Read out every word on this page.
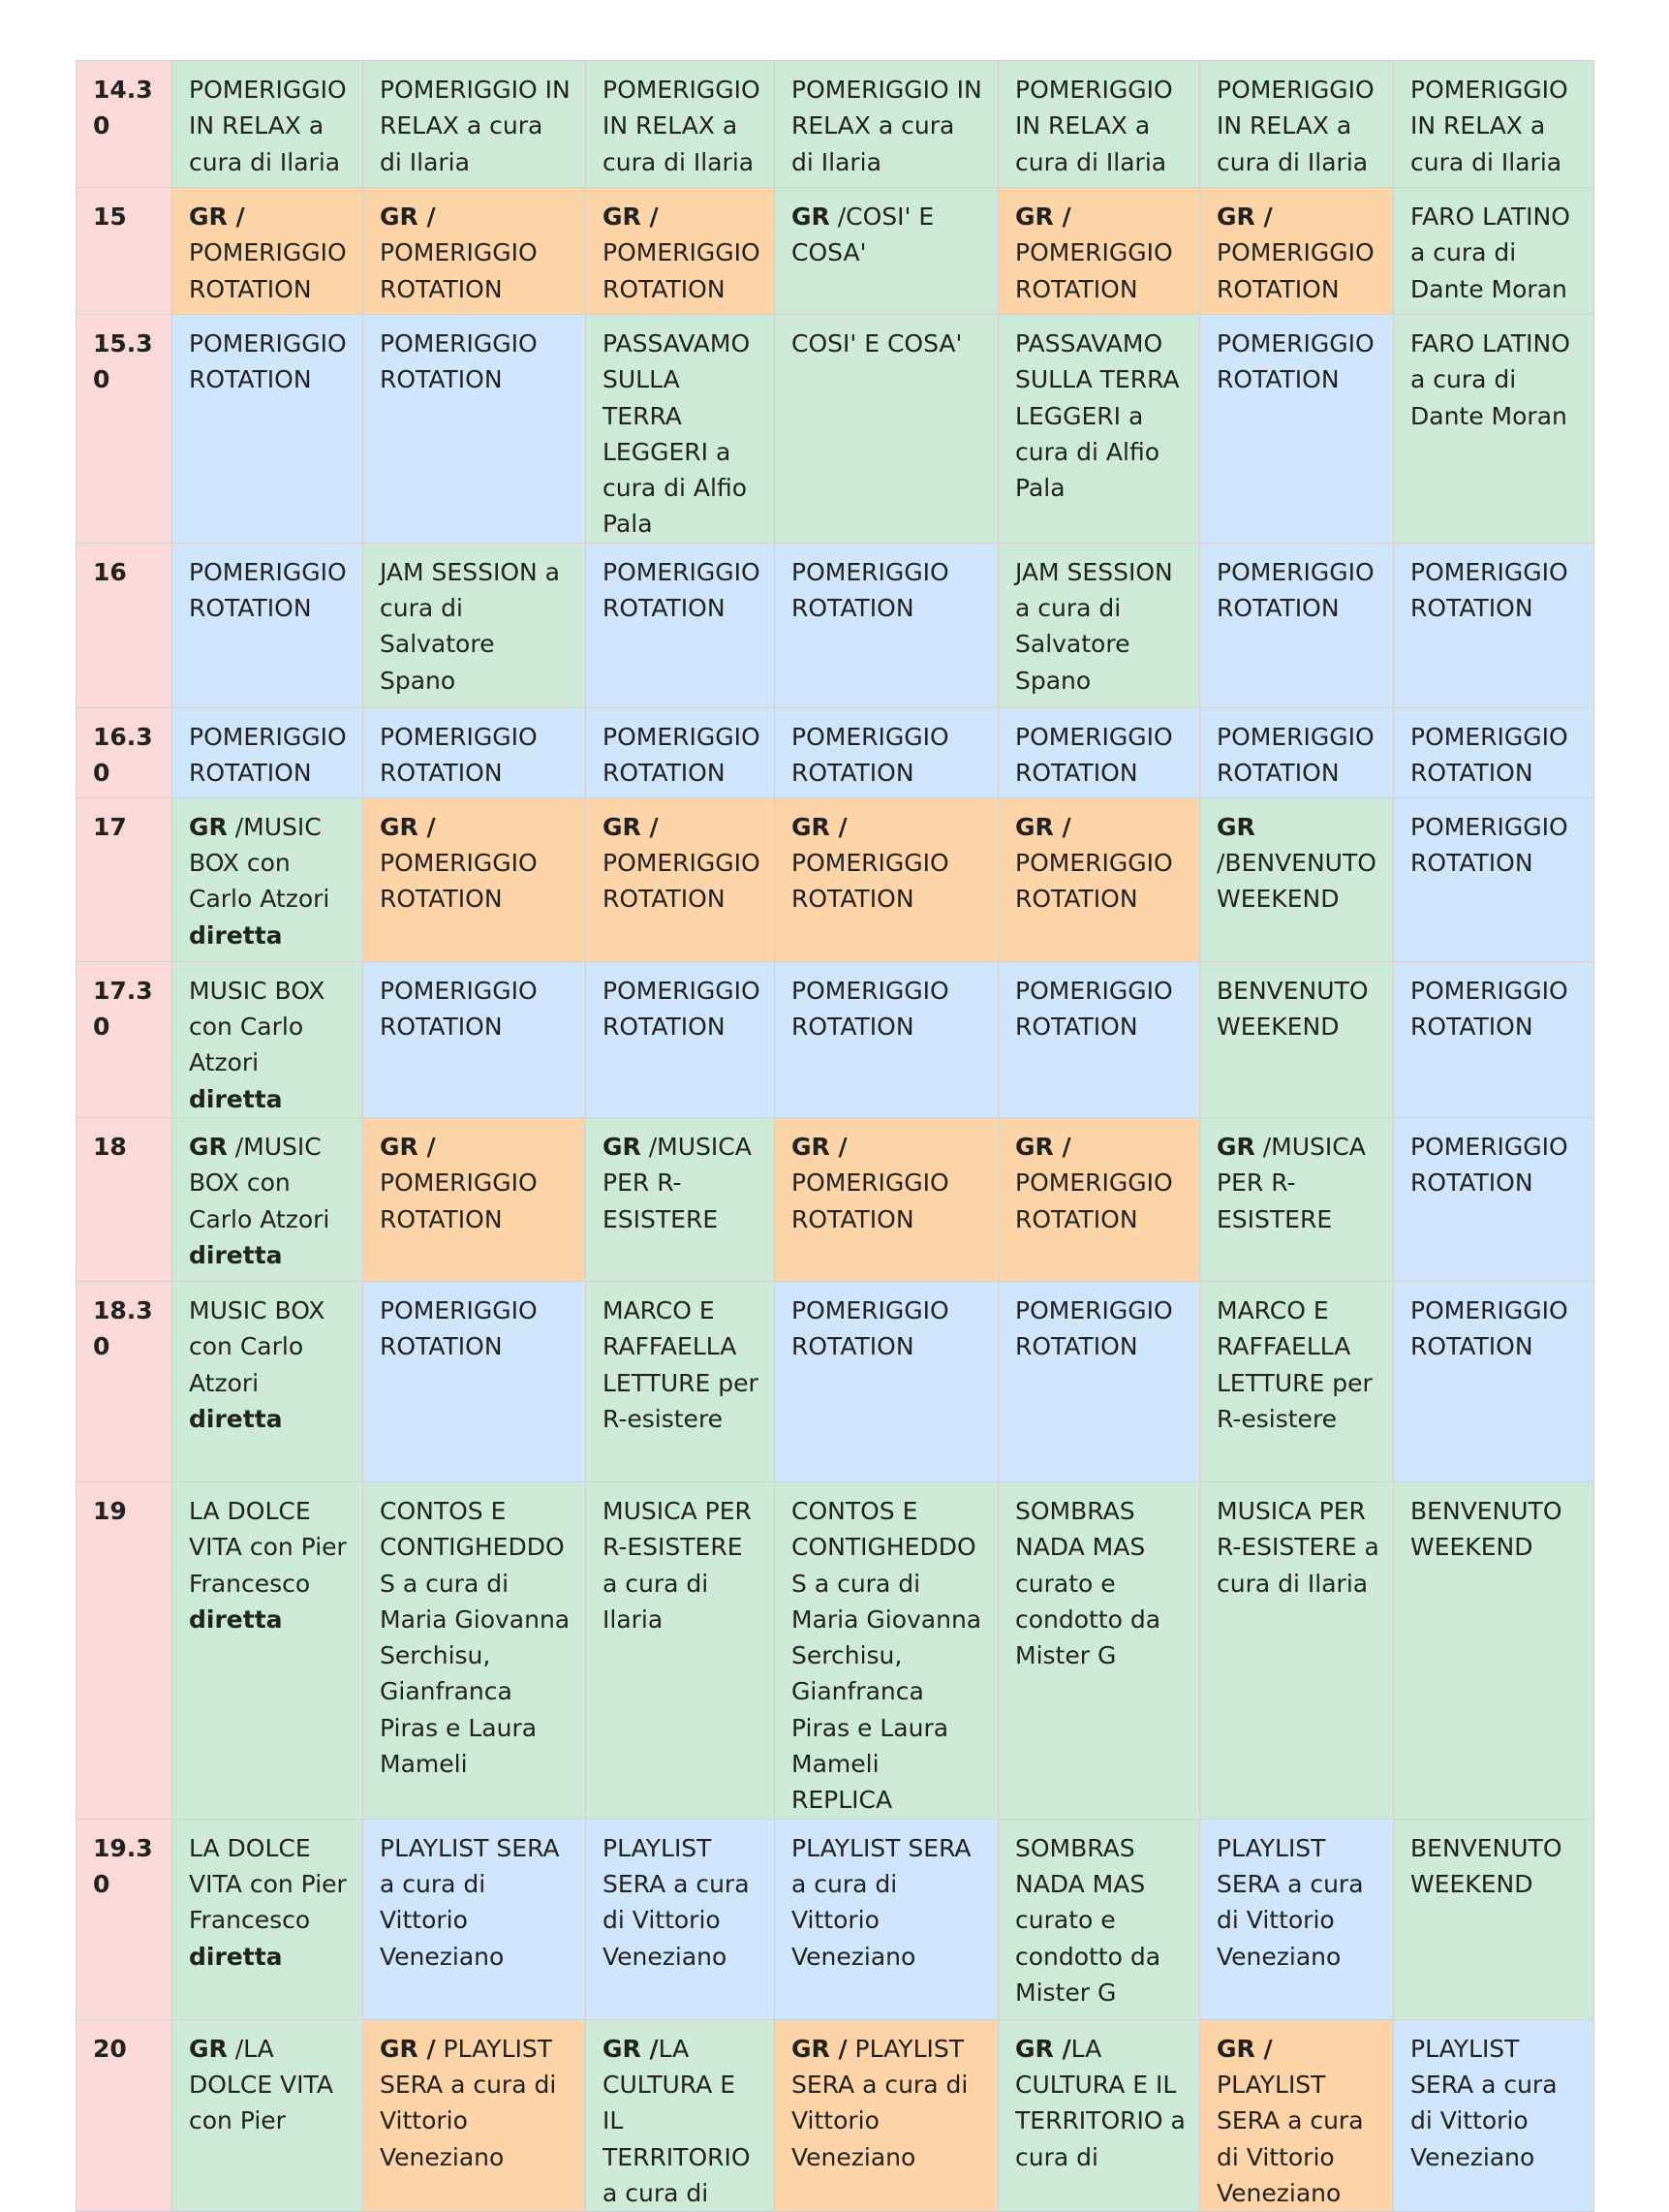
14.30	POMERIGGIO IN RELAX a cura di Ilaria	POMERIGGIO IN RELAX a cura di Ilaria	POMERIGGIO IN RELAX a cura di Ilaria	POMERIGGIO IN RELAX a cura di Ilaria	POMERIGGIO IN RELAX a cura di Ilaria	POMERIGGIO IN RELAX a cura di Ilaria	POMERIGGIO IN RELAX a cura di Ilaria
15	GR / POMERIGGIO ROTATION	GR / POMERIGGIO ROTATION	GR / POMERIGGIO ROTATION	GR /COSI' E COSA'	GR / POMERIGGIO ROTATION	GR / POMERIGGIO ROTATION	FARO LATINO a cura di Dante Moran
15.30	POMERIGGIO ROTATION	POMERIGGIO ROTATION	PASSAVAMO SULLA TERRA LEGGERI a cura di Alfio Pala	COSI' E COSA'	PASSAVAMO SULLA TERRA LEGGERI a cura di Alfio Pala	POMERIGGIO ROTATION	FARO LATINO a cura di Dante Moran
16	POMERIGGIO ROTATION	JAM SESSION a cura di Salvatore Spano	POMERIGGIO ROTATION	POMERIGGIO ROTATION	JAM SESSION a cura di Salvatore Spano	POMERIGGIO ROTATION	POMERIGGIO ROTATION
16.30	POMERIGGIO ROTATION	POMERIGGIO ROTATION	POMERIGGIO ROTATION	POMERIGGIO ROTATION	POMERIGGIO ROTATION	POMERIGGIO ROTATION	POMERIGGIO ROTATION
17	GR /MUSIC BOX con Carlo Atzori diretta	GR / POMERIGGIO ROTATION	GR / POMERIGGIO ROTATION	GR / POMERIGGIO ROTATION	GR / POMERIGGIO ROTATION	GR /BENVENUTO WEEKEND	POMERIGGIO ROTATION
17.30	MUSIC BOX con Carlo Atzori diretta	POMERIGGIO ROTATION	POMERIGGIO ROTATION	POMERIGGIO ROTATION	POMERIGGIO ROTATION	BENVENUTO WEEKEND	POMERIGGIO ROTATION
18	GR /MUSIC BOX con Carlo Atzori diretta	GR / POMERIGGIO ROTATION	GR /MUSICA PER R-ESISTERE	GR / POMERIGGIO ROTATION	GR / POMERIGGIO ROTATION	GR /MUSICA PER R-ESISTERE	POMERIGGIO ROTATION
18.30	MUSIC BOX con Carlo Atzori diretta	POMERIGGIO ROTATION	MARCO E RAFFAELLA LETTURE per R-esistere	POMERIGGIO ROTATION	POMERIGGIO ROTATION	MARCO E RAFFAELLA LETTURE per R-esistere	POMERIGGIO ROTATION
19	LA DOLCE VITA con Pier Francesco diretta	CONTOS E CONTIGHEDDOS a cura di Maria Giovanna Serchisu, Gianfranca Piras e Laura Mameli	MUSICA PER R-ESISTERE a cura di Ilaria	CONTOS E CONTIGHEDDOS a cura di Maria Giovanna Serchisu, Gianfranca Piras e Laura Mameli REPLICA	SOMBRAS NADA MAS curato e condotto da Mister G	MUSICA PER R-ESISTERE a cura di Ilaria	BENVENUTO WEEKEND
19.30	LA DOLCE VITA con Pier Francesco diretta	PLAYLIST SERA a cura di Vittorio Veneziano	PLAYLIST SERA a cura di Vittorio Veneziano	PLAYLIST SERA a cura di Vittorio Veneziano	SOMBRAS NADA MAS curato e condotto da Mister G	PLAYLIST SERA a cura di Vittorio Veneziano	BENVENUTO WEEKEND
20	GR /LA DOLCE VITA con Pier	GR / PLAYLIST SERA a cura di Vittorio Veneziano	GR /LA CULTURA E IL TERRITORIO a cura di	GR / PLAYLIST SERA a cura di Vittorio Veneziano	GR /LA CULTURA E IL TERRITORIO a cura di	GR / PLAYLIST SERA a cura di Vittorio Veneziano	PLAYLIST SERA a cura di Vittorio Veneziano
